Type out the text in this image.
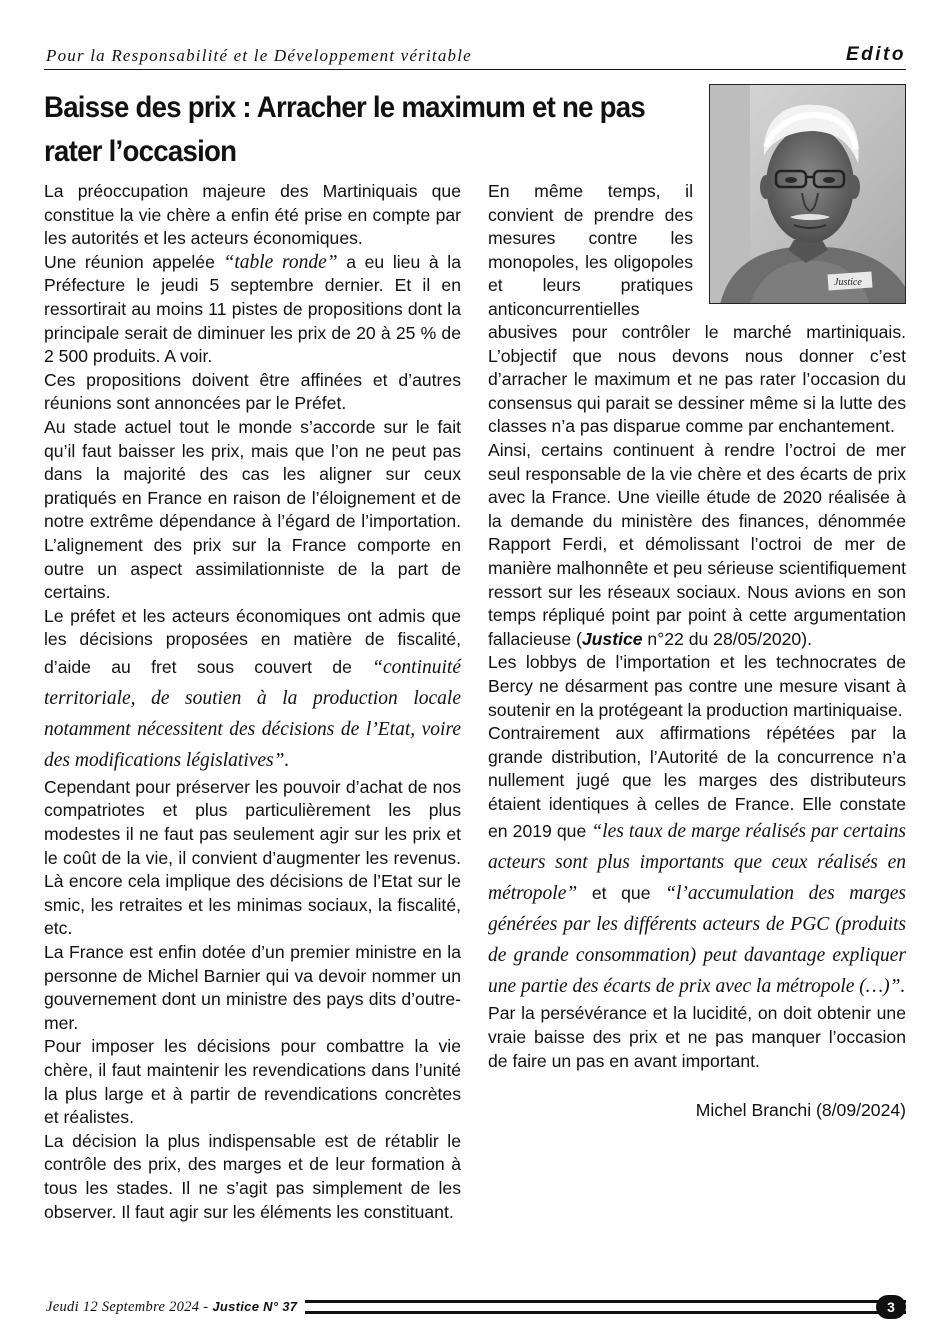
Pour la Responsabilité et le Développement véritable	Edito
Baisse des prix : Arracher le maximum et ne pas rater l’occasion
Justice

La préoccupation majeure des Martiniquais que constitue la vie chère a enfin été prise en compte par les autorités et les acteurs économiques.

Une réunion appelée “table ronde” a eu lieu à la Préfecture le jeudi 5 septembre dernier. Et il en ressortirait au moins 11 pistes de propositions dont la principale serait de diminuer les prix de 20 à 25 % de 2 500 produits. A voir.

Ces propositions doivent être affinées et d’autres réunions sont annoncées par le Préfet.

Au stade actuel tout le monde s’accorde sur le fait qu’il faut baisser les prix, mais que l’on ne peut pas dans la majorité des cas les aligner sur ceux pratiqués en France en raison de l’éloignement et de notre extrême dépendance à l’égard de l’importation. L’alignement des prix sur la France comporte en outre un aspect assimilationniste de la part de certains.

Le préfet et les acteurs économiques ont admis que les décisions proposées en matière de fiscalité, d’aide au fret sous couvert de “continuité territoriale, de soutien à la production locale notamment nécessitent des décisions de l’Etat, voire des modifications législatives”.

Cependant pour préserver les pouvoir d’achat de nos compatriotes et plus particulièrement les plus modestes il ne faut pas seulement agir sur les prix et le coût de la vie, il convient d’augmenter les revenus. Là encore cela implique des décisions de l’Etat sur le smic, les retraites et les minimas sociaux, la fiscalité, etc.

La France est enfin dotée d’un premier ministre en la personne de Michel Barnier qui va devoir nommer un gouvernement dont un ministre des pays dits d’outre-mer.

Pour imposer les décisions pour combattre la vie chère, il faut maintenir les revendications dans l’unité la plus large et à partir de revendications concrètes et réalistes.

La décision la plus indispensable est de rétablir le contrôle des prix, des marges et de leur formation à tous les stades. Il ne s’agit pas simplement de les observer. Il faut agir sur les éléments les constituant.

En même temps, il convient de prendre des mesures contre les monopoles, les oligopoles et leurs pratiques anticoncurrentielles

abusives pour contrôler le marché martiniquais. L’objectif que nous devons nous donner c’est d’arracher le maximum et ne pas rater l’occasion du consensus qui parait se dessiner même si la lutte des classes n’a pas disparue comme par enchantement.

Ainsi, certains continuent à rendre l’octroi de mer seul responsable de la vie chère et des écarts de prix avec la France. Une vieille étude de 2020 réalisée à la demande du ministère des finances, dénommée Rapport Ferdi, et démolissant l’octroi de mer de manière malhonnête et peu sérieuse scientifiquement ressort sur les réseaux sociaux. Nous avions en son temps répliqué point par point à cette argumentation fallacieuse (Justice n°22 du 28/05/2020).

Les lobbys de l’importation et les technocrates de Bercy ne désarment pas contre une mesure visant à soutenir en la protégeant la production martiniquaise.

Contrairement aux affirmations répétées par la grande distribution, l’Autorité de la concurrence n’a nullement jugé que les marges des distributeurs étaient identiques à celles de France. Elle constate en 2019 que “les taux de marge réalisés par certains acteurs sont plus importants que ceux réalisés en métropole” et que “l’accumulation des marges générées par les différents acteurs de PGC (produits de grande consommation) peut davantage expliquer une partie des écarts de prix avec la métropole (…)”.

Par la persévérance et la lucidité, on doit obtenir une vraie baisse des prix et ne pas manquer l’occasion de faire un pas en avant important.

Michel Branchi (8/09/2024)

Jeudi 12 Septembre 2024 - Justice N° 37	3
